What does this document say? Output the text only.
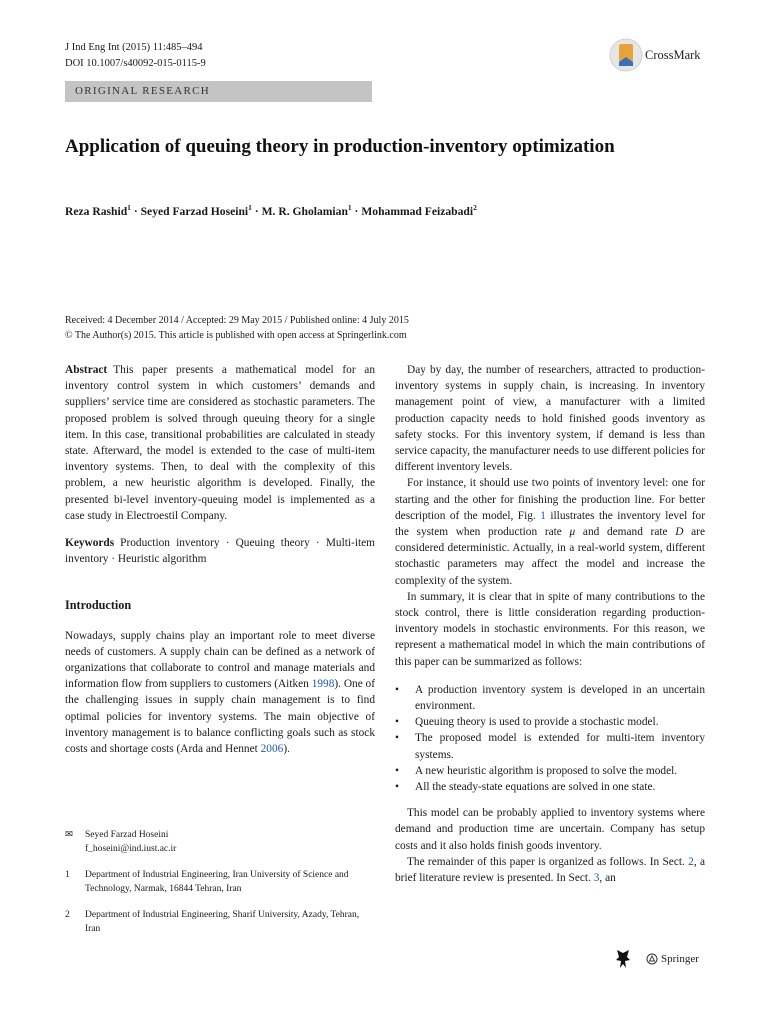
J Ind Eng Int (2015) 11:485–494
DOI 10.1007/s40092-015-0115-9
CrossMark
ORIGINAL RESEARCH
Application of queuing theory in production-inventory optimization
Reza Rashid$^1$ · Seyed Farzad Hoseini$^1$ · M. R. Gholamian$^1$ · Mohammad Feizabadi$^2$
Received: 4 December 2014 / Accepted: 29 May 2015 / Published online: 4 July 2015
© The Author(s) 2015. This article is published with open access at Springerlink.com

Abstract This paper presents a mathematical model for an inventory control system in which customers’ demands and suppliers’ service time are considered as stochastic parameters. The proposed problem is solved through queuing theory for a single item. In this case, transitional probabilities are calculated in steady state. Afterward, the model is extended to the case of multi-item inventory systems. Then, to deal with the complexity of this problem, a new heuristic algorithm is developed. Finally, the presented bi-level inventory-queuing model is implemented as a case study in Electroestil Company.

Keywords Production inventory · Queuing theory · Multi-item inventory · Heuristic algorithm

Introduction

Nowadays, supply chains play an important role to meet diverse needs of customers. A supply chain can be defined as a network of organizations that collaborate to control and manage materials and information flow from suppliers to customers (Aitken 1998). One of the challenging issues in supply chain management is to find optimal policies for inventory systems. The main objective of inventory management is to balance conflicting goals such as stock costs and shortage costs (Arda and Hennet 2006).

✉	Seyed Farzad Hoseini
f_hoseini@ind.iust.ac.ir
1	Department of Industrial Engineering, Iran University of Science and Technology, Narmak, 16844 Tehran, Iran
2	Department of Industrial Engineering, Sharif University, Azady, Tehran, Iran

Day by day, the number of researchers, attracted to production-inventory systems in supply chain, is increasing. In inventory management point of view, a manufacturer with a limited production capacity needs to hold finished goods inventory as safety stocks. For this inventory system, if demand is less than service capacity, the manufacturer needs to use different policies for different inventory levels.

For instance, it should use two points of inventory level: one for starting and the other for finishing the production line. For better description of the model, Fig. 1 illustrates the inventory level for the system when production rate μ and demand rate D are considered deterministic. Actually, in a real-world system, different stochastic parameters may affect the model and increase the complexity of the system.

In summary, it is clear that in spite of many contributions to the stock control, there is little consideration regarding production-inventory models in stochastic environments. For this reason, we represent a mathematical model in which the main contributions of this paper can be summarized as follows:

•	A production inventory system is developed in an uncertain environment.
•	Queuing theory is used to provide a stochastic model.
•	The proposed model is extended for multi-item inventory systems.
•	A new heuristic algorithm is proposed to solve the model.
•	All the steady-state equations are solved in one state.

This model can be probably applied to inventory systems where demand and production time are uncertain. Company has setup costs and it also holds finish goods inventory.

The remainder of this paper is organized as follows. In Sect. 2, a brief literature review is presented. In Sect. 3, an

Springer
